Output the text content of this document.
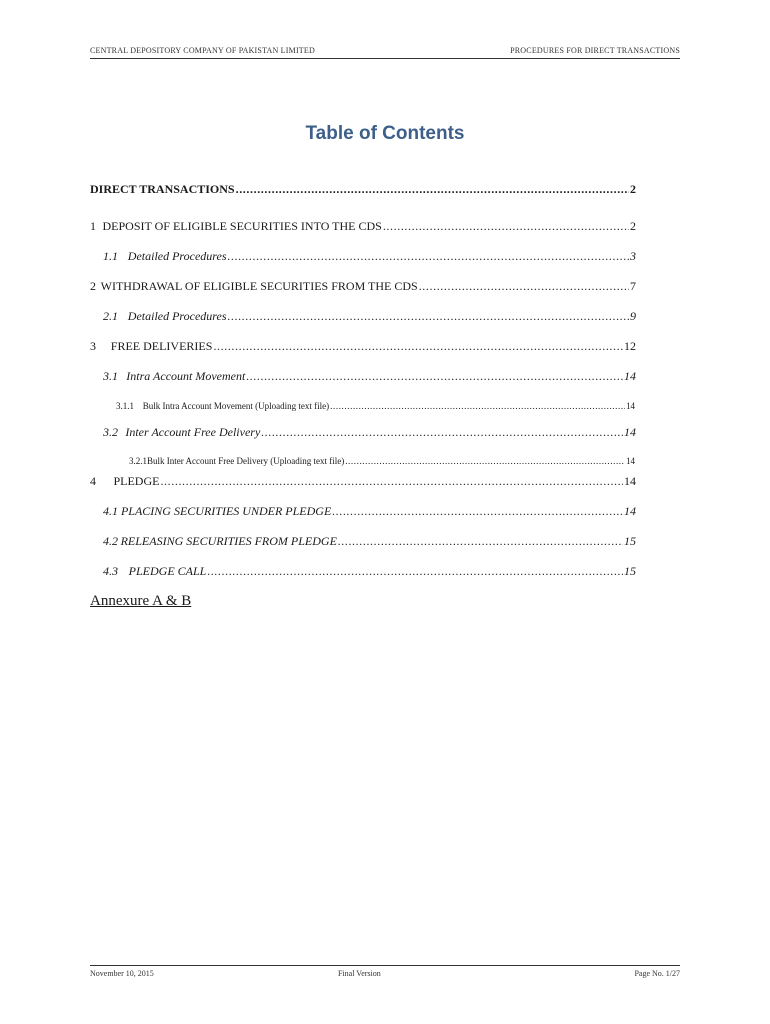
CENTRAL DEPOSITORY COMPANY OF PAKISTAN LIMITED	PROCEDURES FOR DIRECT TRANSACTIONS
Table of Contents
DIRECT TRANSACTIONS .....	2
1 DEPOSIT OF ELIGIBLE SECURITIES INTO THE CDS .....	2
1.1 Detailed Procedures .....	3
2 WITHDRAWAL OF ELIGIBLE SECURITIES FROM THE CDS .....	7
2.1 Detailed Procedures .....	9
3	FREE DELIVERIES .....	12
3.1 Intra Account Movement .....	14
3.1.1 Bulk Intra Account Movement (Uploading text file) .....	14
3.2 Inter Account Free Delivery .....	14
3.2.1 Bulk Inter Account Free Delivery (Uploading text file) .....	14
4	PLEDGE .....	14
4.1 PLACING SECURITIES UNDER PLEDGE .....	14
4.2 RELEASING SECURITIES FROM PLEDGE .....	15
4.3 PLEDGE CALL .....	15
Annexure A & B
November 10, 2015	Final Version	Page No. 1/27
